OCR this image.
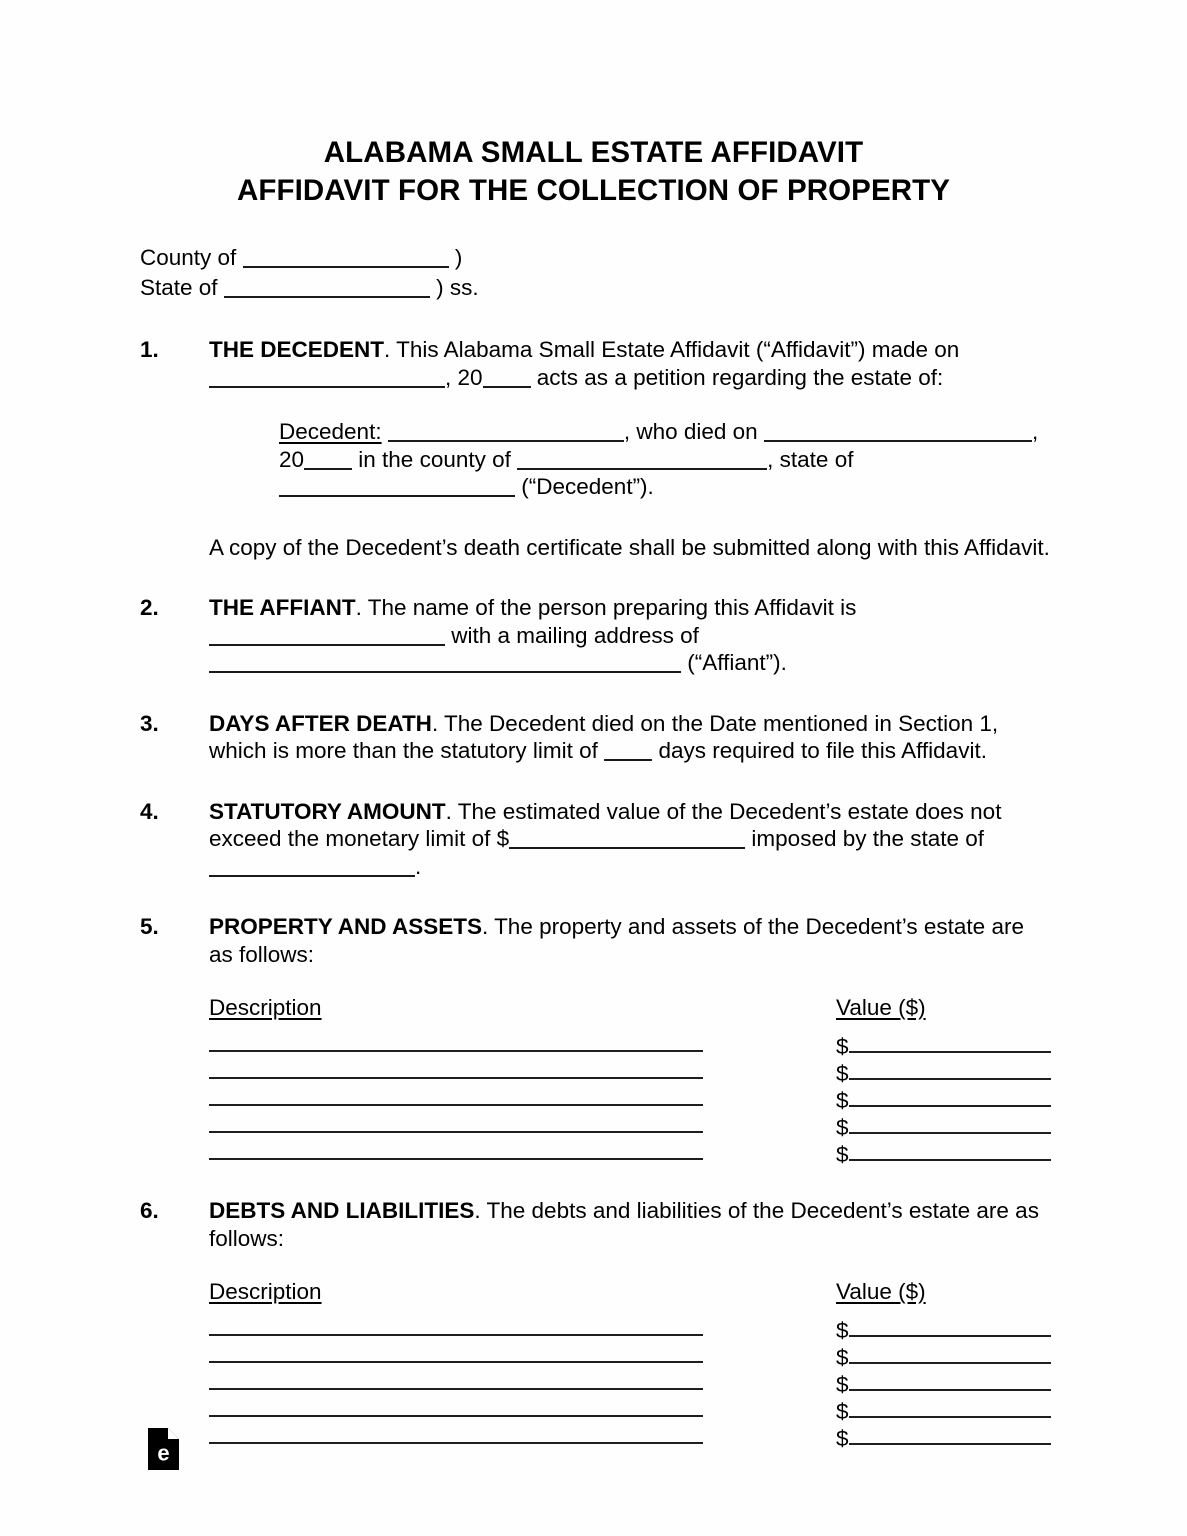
ALABAMA SMALL ESTATE AFFIDAVIT
AFFIDAVIT FOR THE COLLECTION OF PROPERTY
County of	)
State of	) ss.
1. THE DECEDENT. This Alabama Small Estate Affidavit (“Affidavit”) made on , 20 acts as a petition regarding the estate of:
Decedent:	, who died on	, 20 in the county of	, state of  (“Decedent”).
A copy of the Decedent’s death certificate shall be submitted along with this Affidavit.
2. THE AFFIANT. The name of the person preparing this Affidavit is  with a mailing address of  (“Affiant”).
3. DAYS AFTER DEATH. The Decedent died on the Date mentioned in Section 1, which is more than the statutory limit of	days required to file this Affidavit.
4. STATUTORY AMOUNT. The estimated value of the Decedent’s estate does not exceed the monetary limit of $	imposed by the state of .
5. PROPERTY AND ASSETS. The property and assets of the Decedent’s estate are as follows:
Description	Value ($)
$
$
$
$
$
6. DEBTS AND LIABILITIES. The debts and liabilities of the Decedent’s estate are as follows:
Description	Value ($)
$
$
$
$
$
e
